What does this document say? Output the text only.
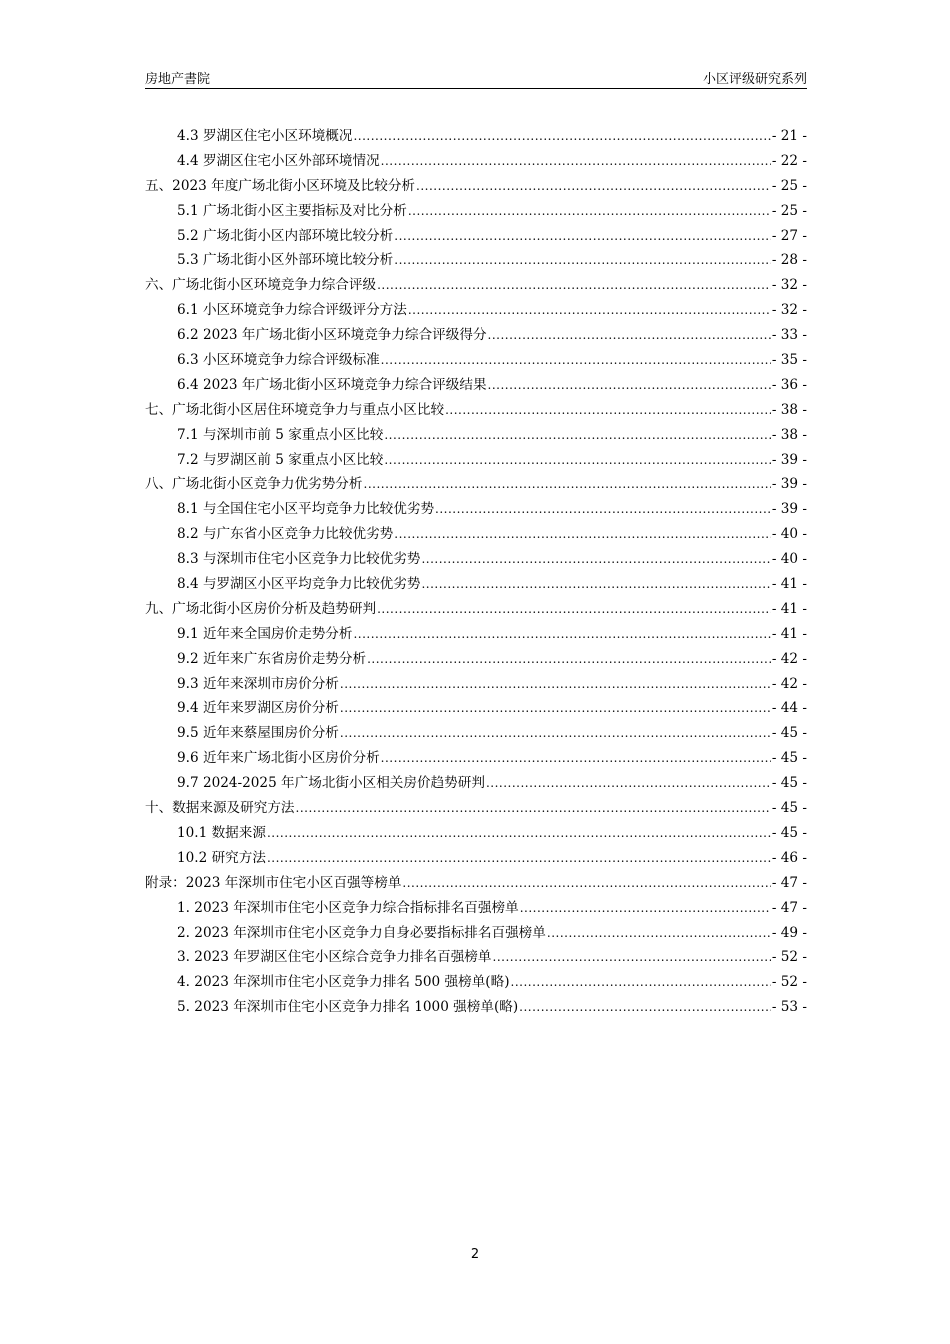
房地产書院	小区评级研究系列
4.3 罗湖区住宅小区环境概况 .....	- 21 -
4.4 罗湖区住宅小区外部环境情况 .....	- 22 -
五、2023 年度广场北街小区环境及比较分析 .....	- 25 -
5.1 广场北街小区主要指标及对比分析 .....	- 25 -
5.2 广场北街小区内部环境比较分析 .....	- 27 -
5.3 广场北街小区外部环境比较分析 .....	- 28 -
六、广场北街小区环境竞争力综合评级 .....	- 32 -
6.1 小区环境竞争力综合评级评分方法 .....	- 32 -
6.2 2023 年广场北街小区环境竞争力综合评级得分 .....	- 33 -
6.3 小区环境竞争力综合评级标准 .....	- 35 -
6.4 2023 年广场北街小区环境竞争力综合评级结果 .....	- 36 -
七、广场北街小区居住环境竞争力与重点小区比较 .....	- 38 -
7.1 与深圳市前 5 家重点小区比较 .....	- 38 -
7.2 与罗湖区前 5 家重点小区比较 .....	- 39 -
八、广场北街小区竞争力优劣势分析 .....	- 39 -
8.1 与全国住宅小区平均竞争力比较优劣势 .....	- 39 -
8.2 与广东省小区竞争力比较优劣势 .....	- 40 -
8.3 与深圳市住宅小区竞争力比较优劣势 .....	- 40 -
8.4 与罗湖区小区平均竞争力比较优劣势 .....	- 41 -
九、广场北街小区房价分析及趋势研判 .....	- 41 -
9.1 近年来全国房价走势分析 .....	- 41 -
9.2 近年来广东省房价走势分析 .....	- 42 -
9.3 近年来深圳市房价分析 .....	- 42 -
9.4 近年来罗湖区房价分析 .....	- 44 -
9.5 近年来蔡屋围房价分析 .....	- 45 -
9.6 近年来广场北街小区房价分析 .....	- 45 -
9.7 2024-2025 年广场北街小区相关房价趋势研判 .....	- 45 -
十、数据来源及研究方法 .....	- 45 -
10.1 数据来源 .....	- 45 -
10.2 研究方法 .....	- 46 -
附录：2023 年深圳市住宅小区百强等榜单 .....	- 47 -
1. 2023 年深圳市住宅小区竞争力综合指标排名百强榜单 .....	- 47 -
2. 2023 年深圳市住宅小区竞争力自身必要指标排名百强榜单 .....	- 49 -
3. 2023 年罗湖区住宅小区综合竞争力排名百强榜单 .....	- 52 -
4. 2023 年深圳市住宅小区竞争力排名 500 强榜单(略) .....	- 52 -
5. 2023 年深圳市住宅小区竞争力排名 1000 强榜单(略) .....	- 53 -
2
